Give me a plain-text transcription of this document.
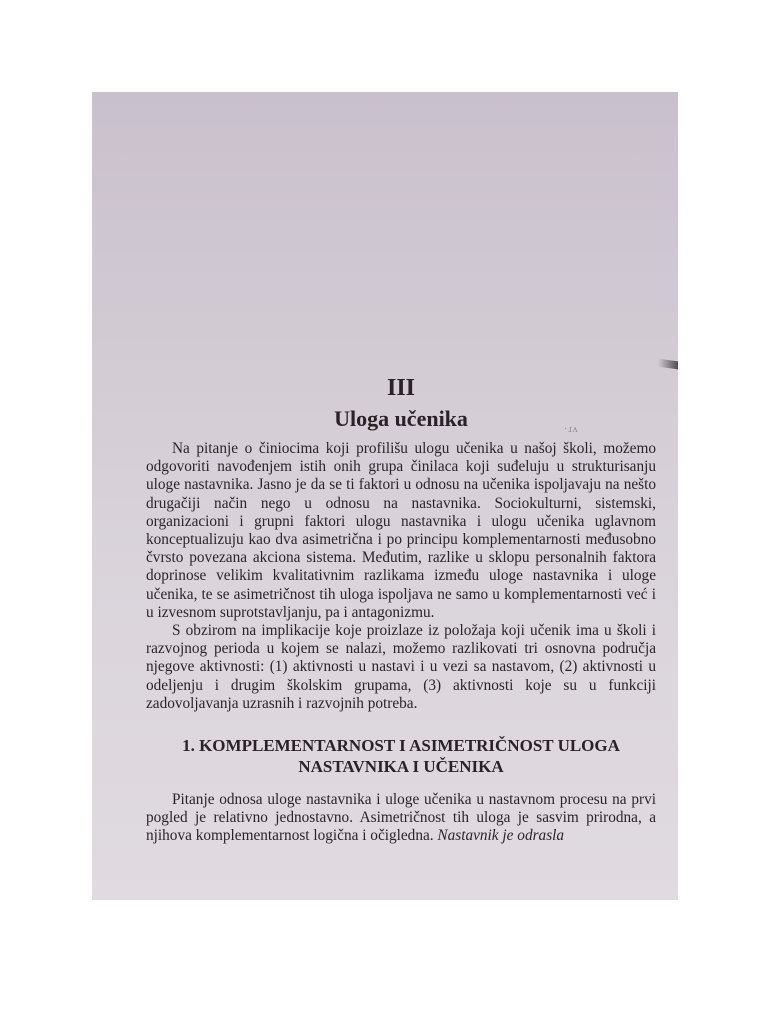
·ɹʌ
III
Uloga učenika

Na pitanje o činiocima koji profilišu ulogu učenika u našoj školi, možemo odgovoriti navođenjem istih onih grupa činilaca koji suđeluju u strukturisanju uloge nastavnika. Jasno je da se ti faktori u odnosu na učenika ispoljavaju na nešto drugačiji način nego u odnosu na nastavnika. Sociokulturni, sistemski, organizacioni i grupni faktori ulogu nastavnika i ulogu učenika uglavnom konceptualizuju kao dva asimetrična i po principu komplementarnosti međusobno čvrsto povezana akciona sistema. Međutim, razlike u sklopu personalnih faktora doprinose velikim kvalitativnim razlikama između uloge nastavnika i uloge učenika, te se asimetričnost tih uloga ispoljava ne samo u komplementarnosti već i u izvesnom suprotstavljanju, pa i antagonizmu.

S obzirom na implikacije koje proizlaze iz položaja koji učenik ima u školi i razvojnog perioda u kojem se nalazi, možemo razlikovati tri osnovna područja njegove aktivnosti: (1) aktivnosti u nastavi i u vezi sa nastavom, (2) aktivnosti u odeljenju i drugim školskim grupama, (3) aktivnosti koje su u funkciji zadovoljavanja uzrasnih i razvojnih potreba.

1. KOMPLEMENTARNOST I ASIMETRIČNOST ULOGA
NASTAVNIKA I UČENIKA

Pitanje odnosa uloge nastavnika i uloge učenika u nastavnom procesu na prvi pogled je relativno jednostavno. Asimetričnost tih uloga je sasvim prirodna, a njihova komplementarnost logična i očigledna. Nastavnik je odrasla
